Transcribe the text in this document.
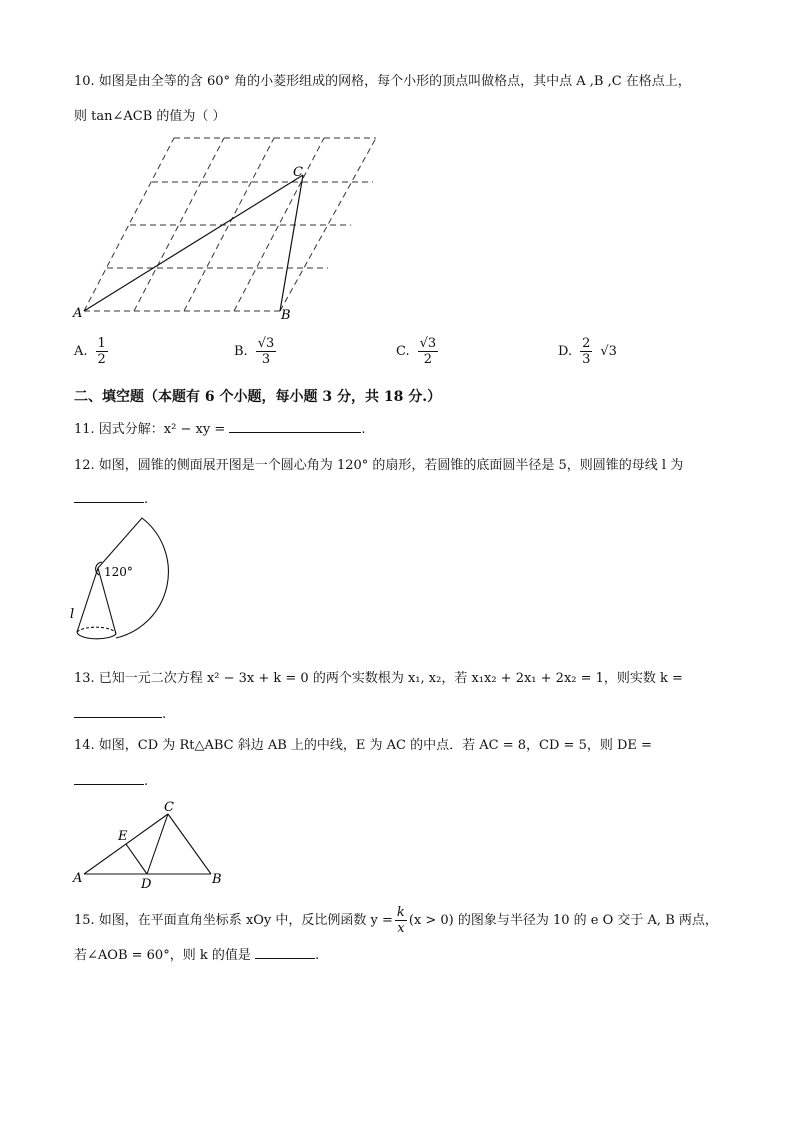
10. 如图是由全等的含 60° 角的小菱形组成的网格，每个小形的顶点叫做格点，其中点 A ,B ,C 在格点上，
则 tan∠ACB 的值为（ ）
A	B
C
A. $\frac{1}{2}$	B. $\frac{√3}{3}$	C. $\frac{√3}{2}$	D. $\frac{2}{3} √3$
二、填空题（本题有 6 个小题，每小题 3 分，共 18 分.）
11. 因式分解：x² − xy =	.
12. 如图，圆锥的侧面展开图是一个圆心角为 120° 的扇形，若圆锥的底面圆半径是 5，则圆锥的母线 l 为
.
120°
l
13. 已知一元二次方程 x² − 3x + k = 0 的两个实数根为 x₁, x₂，若 x₁x₂ + 2x₁ + 2x₂ = 1，则实数 k =
.
14. 如图，CD 为 Rt△ABC 斜边 AB 上的中线，E 为 AC 的中点．若 AC = 8，CD = 5，则 DE =
.
A	B
C
D
E
15. 如图，在平面直角坐标系 xOy 中，反比例函数 $y = \frac{k}{x} (x > 0)$ 的图象与半径为 10 的 e O 交于 A, B 两点，
若∠AOB = 60°，则 k 的值是	.
